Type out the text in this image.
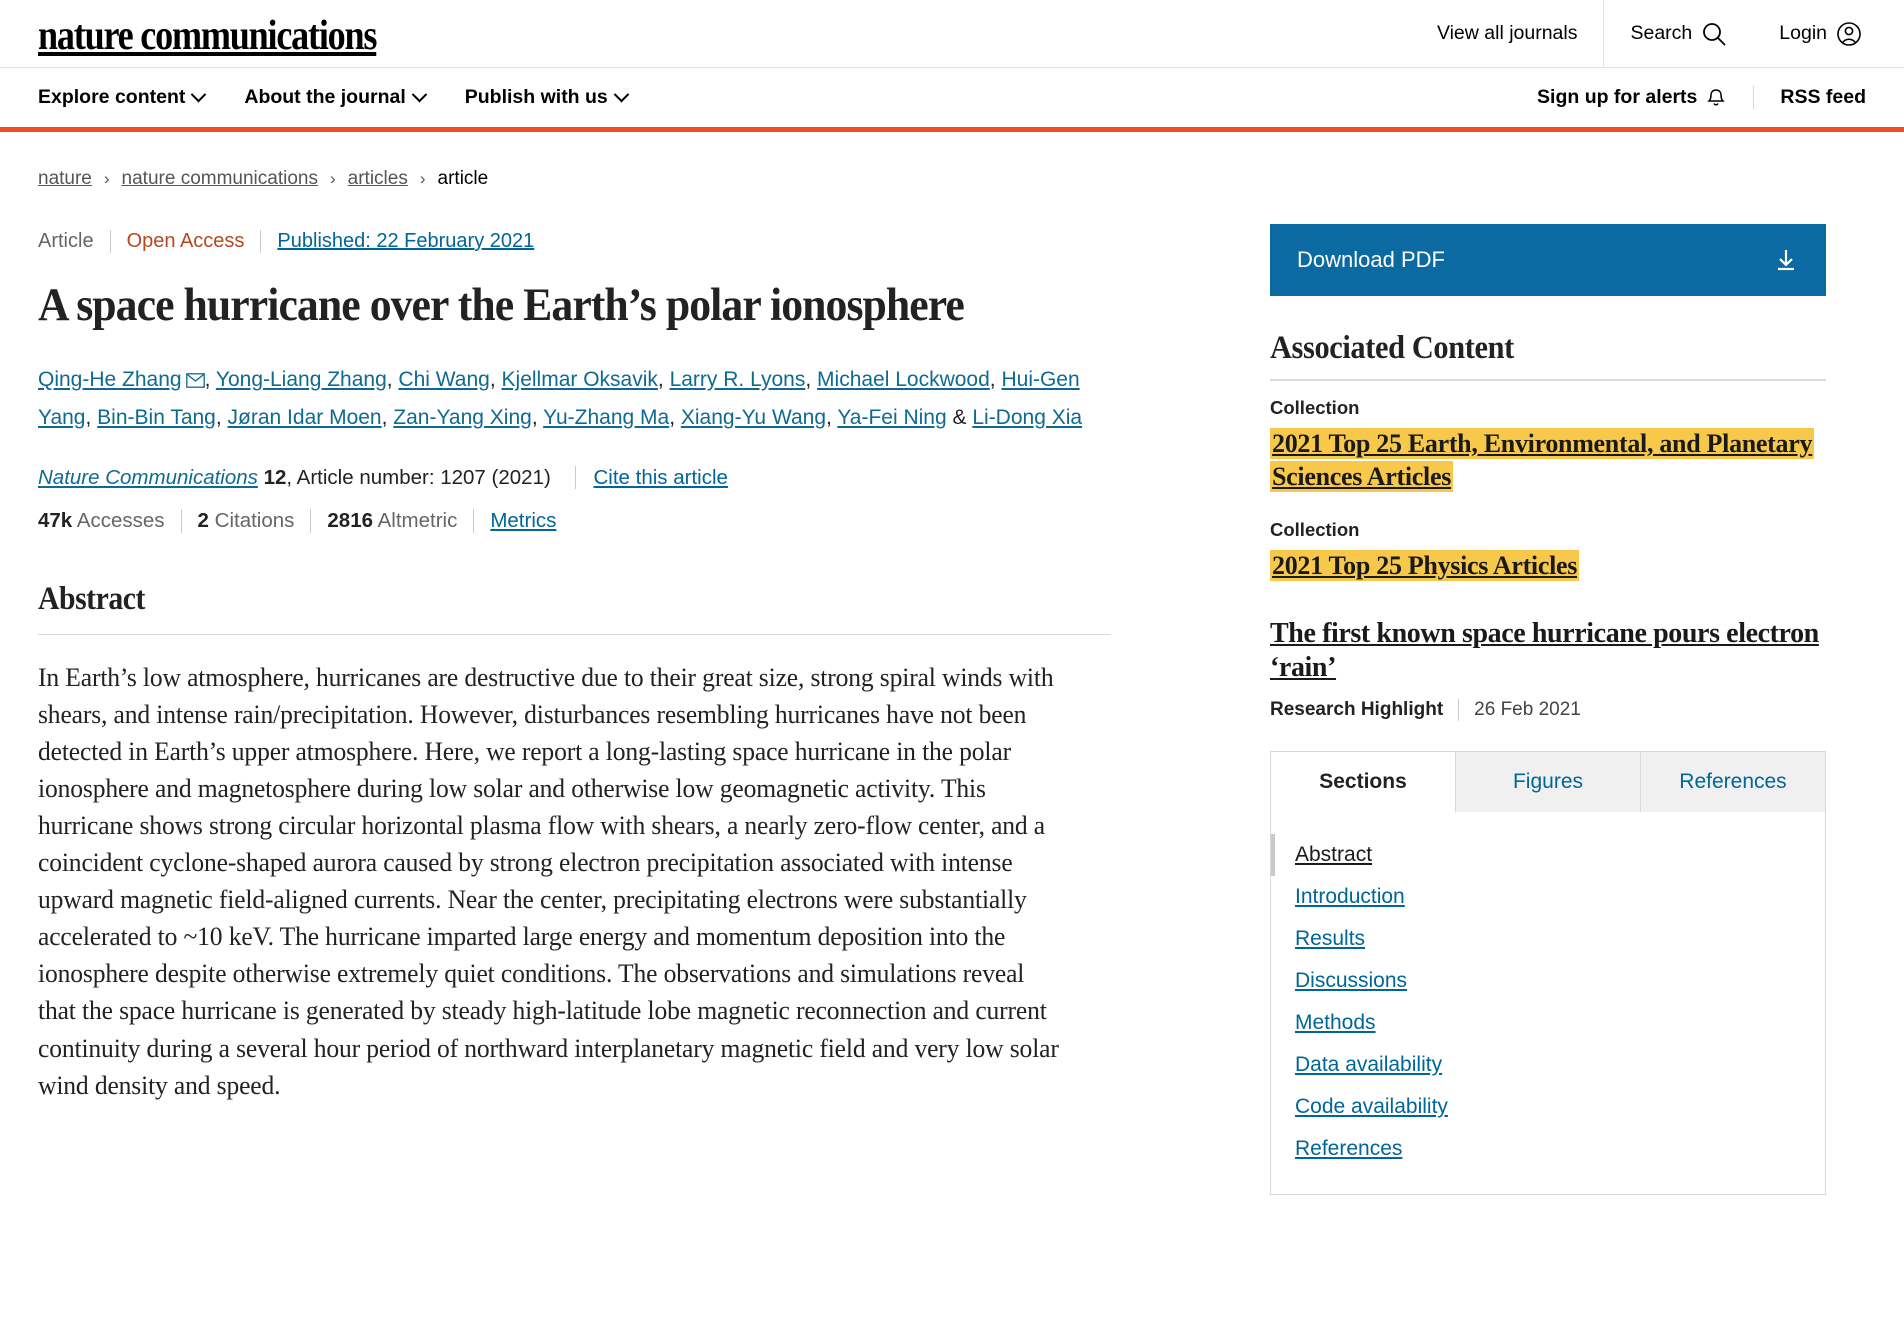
nature communications	View all journals	Search	Login
Explore content	About the journal	Publish with us	Sign up for alerts	RSS feed
nature › nature communications › articles › article
Article	Open Access	Published: 22 February 2021
A space hurricane over the Earth’s polar ionosphere
Qing-He Zhang , Yong-Liang Zhang, Chi Wang, Kjellmar Oksavik, Larry R. Lyons, Michael Lockwood, Hui-Gen Yang, Bin-Bin Tang, Jøran Idar Moen, Zan-Yang Xing, Yu-Zhang Ma, Xiang-Yu Wang, Ya-Fei Ning & Li-Dong Xia
Nature Communications 12, Article number: 1207 (2021) Cite this article
47k Accesses	2 Citations	2816 Altmetric	Metrics
Abstract

In Earth’s low atmosphere, hurricanes are destructive due to their great size, strong spiral winds with shears, and intense rain/precipitation. However, disturbances resembling hurricanes have not been detected in Earth’s upper atmosphere. Here, we report a long-lasting space hurricane in the polar ionosphere and magnetosphere during low solar and otherwise low geomagnetic activity. This hurricane shows strong circular horizontal plasma flow with shears, a nearly zero-flow center, and a coincident cyclone-shaped aurora caused by strong electron precipitation associated with intense upward magnetic field-aligned currents. Near the center, precipitating electrons were substantially accelerated to ~10 keV. The hurricane imparted large energy and momentum deposition into the ionosphere despite otherwise extremely quiet conditions. The observations and simulations reveal that the space hurricane is generated by steady high-latitude lobe magnetic reconnection and current continuity during a several hour period of northward interplanetary magnetic field and very low solar wind density and speed.

Download PDF
Associated Content
Collection
2021 Top 25 Earth, Environmental, and Planetary Sciences Articles
Collection
2021 Top 25 Physics Articles
The first known space hurricane pours electron ‘rain’
Research Highlight	26 Feb 2021
Sections	Figures	References
Abstract
Introduction
Results
Discussions
Methods
Data availability
Code availability
References
